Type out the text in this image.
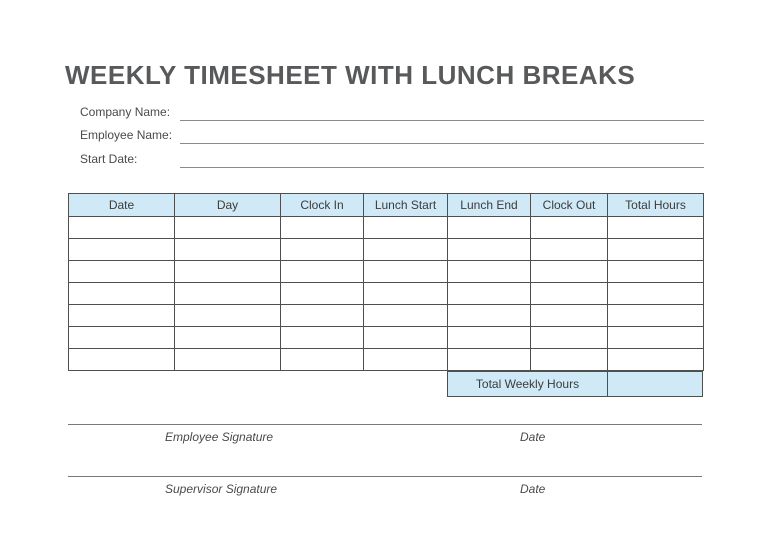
WEEKLY TIMESHEET WITH LUNCH BREAKS
Company Name:
Employee Name:
Start Date:
Date	Day	Clock In	Lunch Start	Lunch End	Clock Out	Total Hours

Total Weekly Hours
Employee Signature	Date
Supervisor Signature	Date
